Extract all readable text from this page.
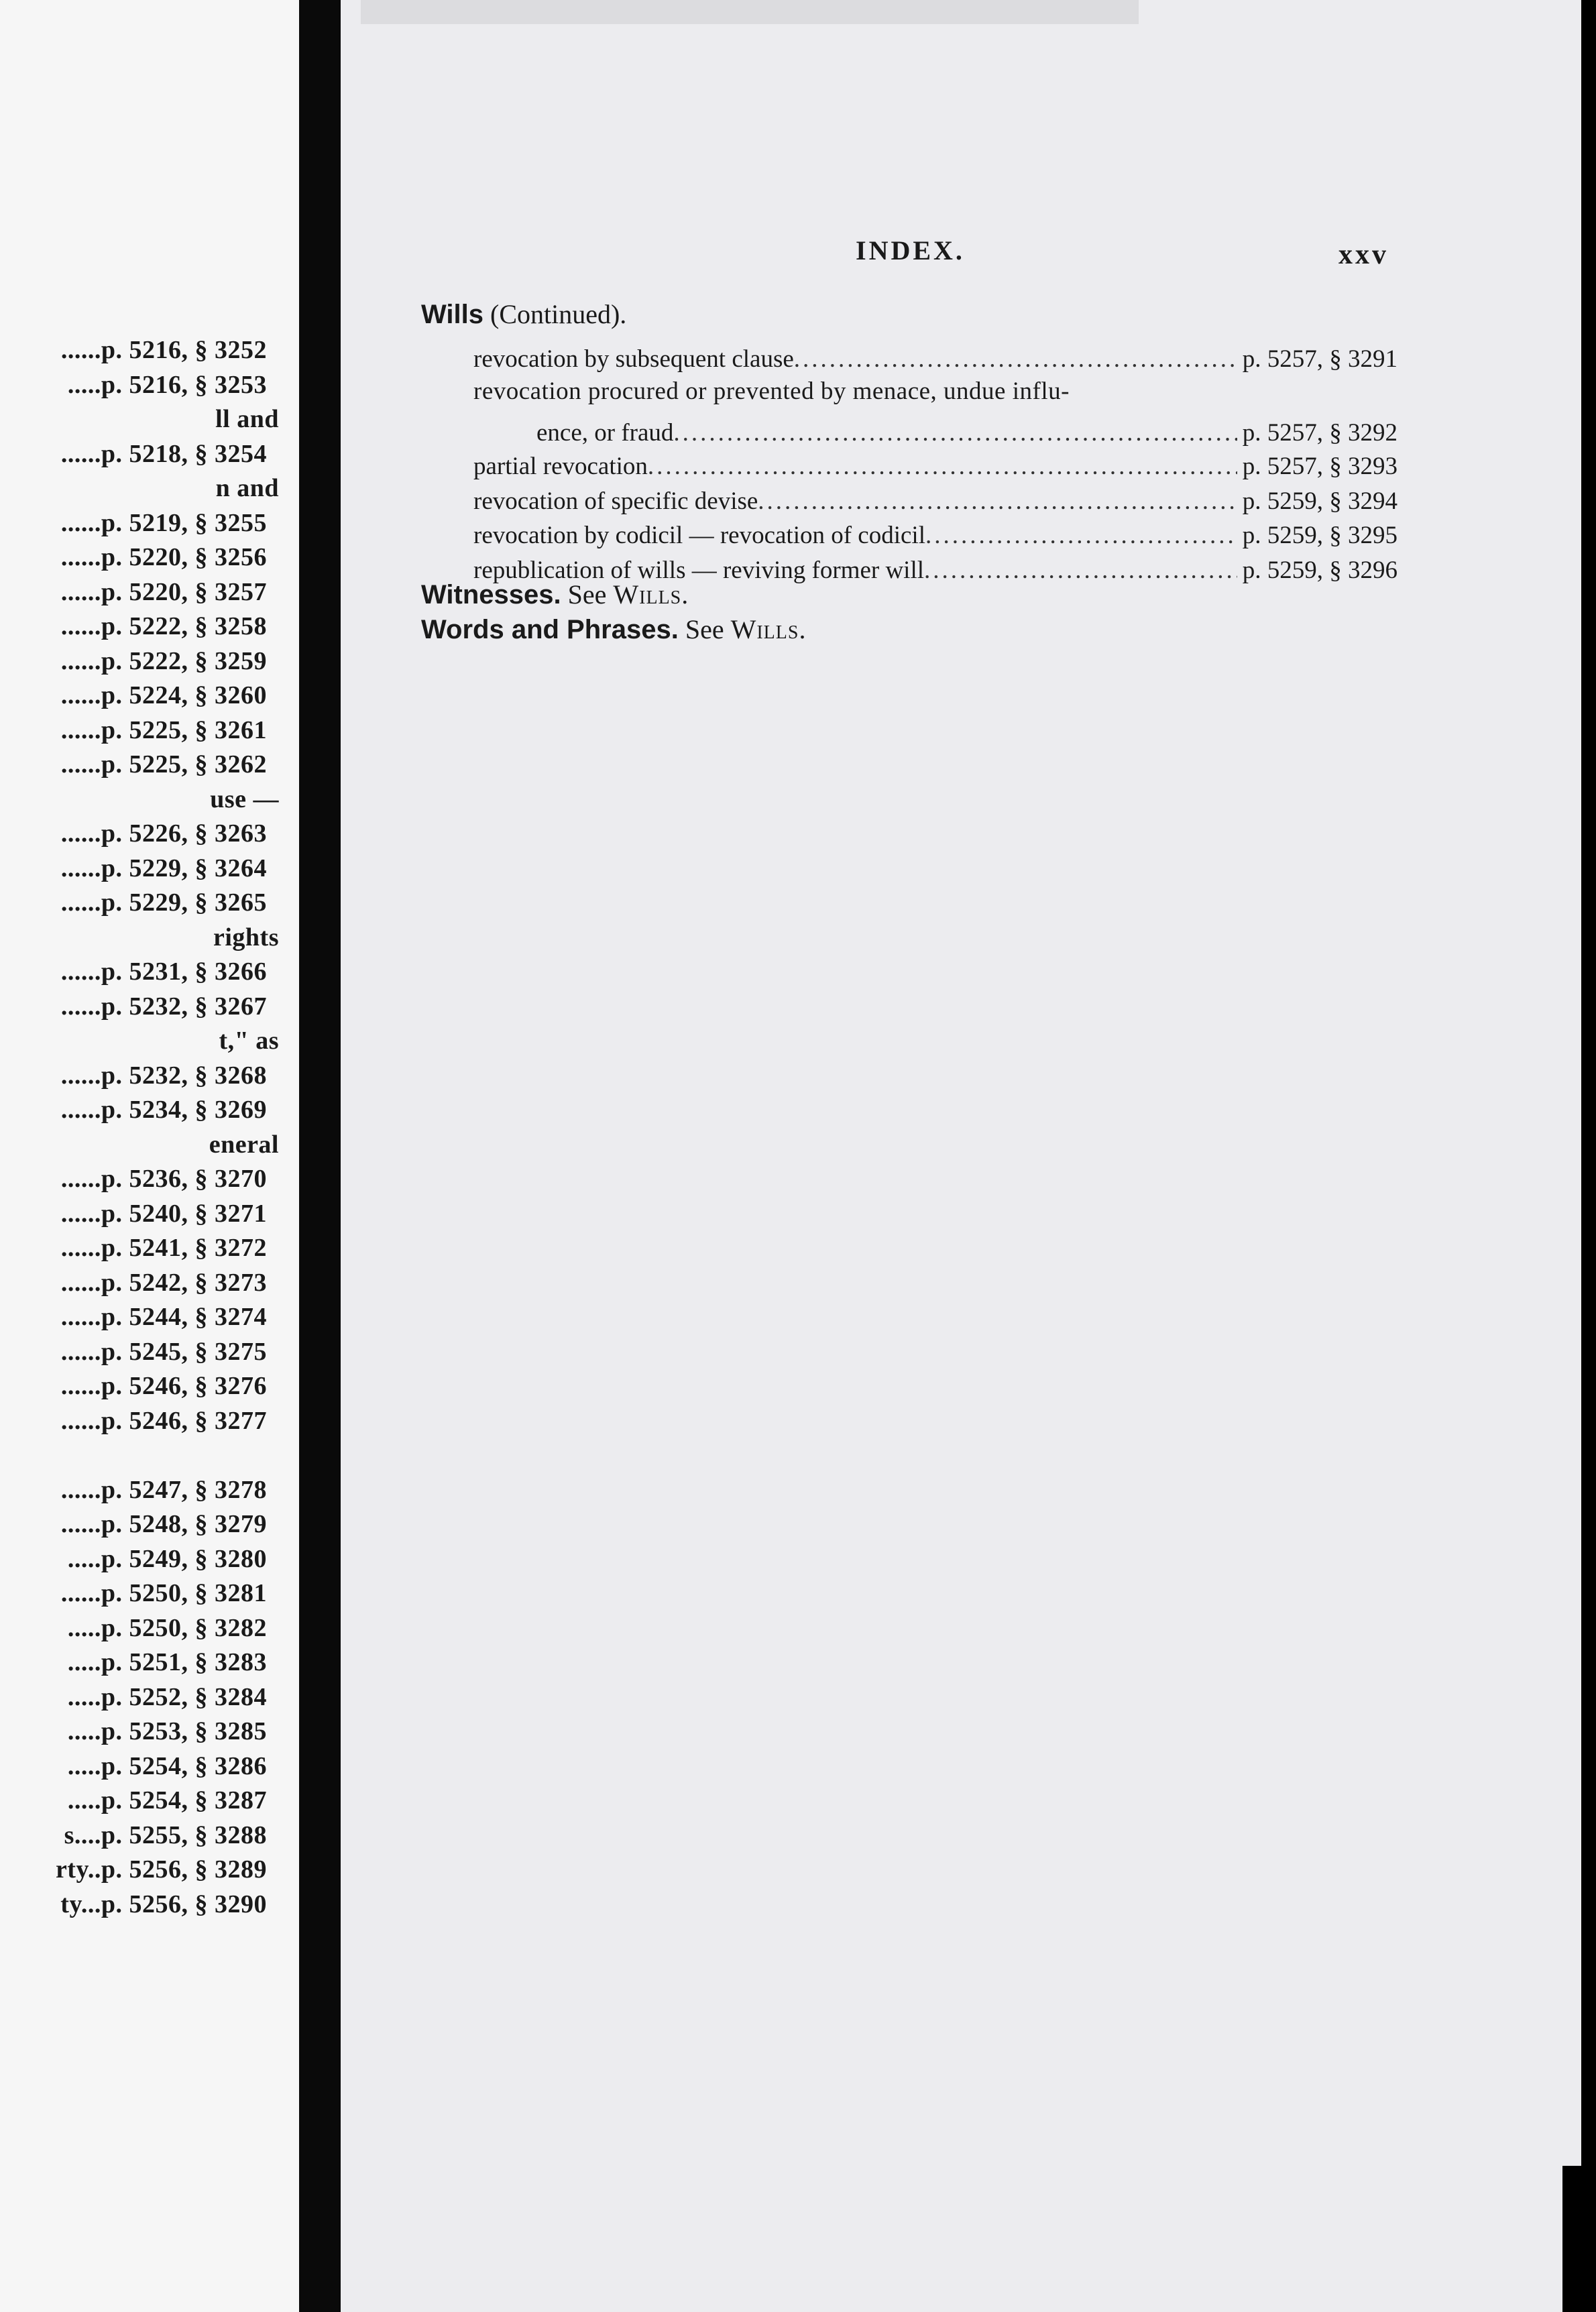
......p. 5216, § 3252
.....p. 5216, § 3253
ll and
......p. 5218, § 3254
n and
......p. 5219, § 3255
......p. 5220, § 3256
......p. 5220, § 3257
......p. 5222, § 3258
......p. 5222, § 3259
......p. 5224, § 3260
......p. 5225, § 3261
......p. 5225, § 3262
use —
......p. 5226, § 3263
......p. 5229, § 3264
......p. 5229, § 3265
rights
......p. 5231, § 3266
......p. 5232, § 3267
t," as
......p. 5232, § 3268
......p. 5234, § 3269
eneral
......p. 5236, § 3270
......p. 5240, § 3271
......p. 5241, § 3272
......p. 5242, § 3273
......p. 5244, § 3274
......p. 5245, § 3275
......p. 5246, § 3276
......p. 5246, § 3277
......p. 5247, § 3278
......p. 5248, § 3279
.....p. 5249, § 3280
......p. 5250, § 3281
.....p. 5250, § 3282
.....p. 5251, § 3283
.....p. 5252, § 3284
.....p. 5253, § 3285
.....p. 5254, § 3286
.....p. 5254, § 3287
s....p. 5255, § 3288
rty..p. 5256, § 3289
ty...p. 5256, § 3290
INDEX.	xxv
Wills (Continued).
revocation by subsequent clause .....	p. 5257, § 3291
revocation procured or prevented by menace, undue influ-
ence, or fraud .....	p. 5257, § 3292
partial revocation .....	p. 5257, § 3293
revocation of specific devise .....	p. 5259, § 3294
revocation by codicil — revocation of codicil .....	p. 5259, § 3295
republication of wills — reviving former will .....	p. 5259, § 3296
Witnesses. See Wills.
Words and Phrases. See Wills.
